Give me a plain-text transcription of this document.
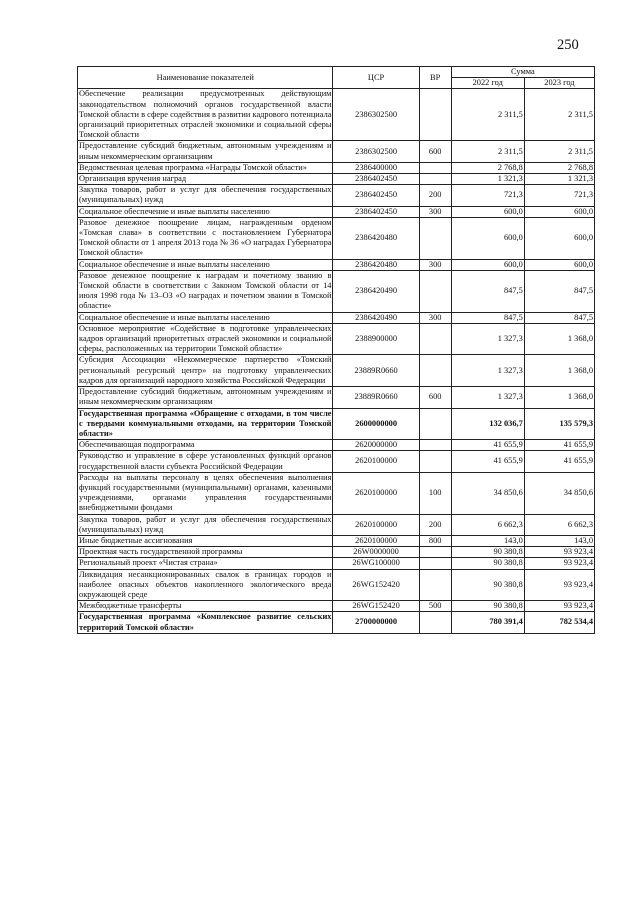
250
Наименование показателей	ЦСР	ВР	Сумма	
			2022 год	2023 год
Обеспечение реализации предусмотренных действующим законодательством полномочий органов государственной власти Томской области в сфере содействия в развитии кадрового потенциала организаций приоритетных отраслей экономики и социальной сферы Томской области	2386302500		2 311,5	2 311,5
Предоставление субсидий бюджетным, автономным учреждениям и иным некоммерческим организациям	2386302500	600	2 311,5	2 311,5
Ведомственная целевая программа «Награды Томской области»	2386400000		2 768,8	2 768,8
Организация вручения наград	2386402450		1 321,3	1 321,3
Закупка товаров, работ и услуг для обеспечения государственных (муниципальных) нужд	2386402450	200	721,3	721,3
Социальное обеспечение и иные выплаты населению	2386402450	300	600,0	600,0
Разовое денежное поощрение лицам, награжденным орденом «Томская слава» в соответствии с постановлением Губернатора Томской области от 1 апреля 2013 года № 36 «О наградах Губернатора Томской области»	2386420480		600,0	600,0
Социальное обеспечение и иные выплаты населению	2386420480	300	600,0	600,0
Разовое денежное поощрение к наградам и почетному званию в Томской области в соответствии с Законом Томской области от 14 июля 1998 года № 13–ОЗ «О наградах и почетном звании в Томской области»	2386420490		847,5	847,5
Социальное обеспечение и иные выплаты населению	2386420490	300	847,5	847,5
Основное мероприятие «Содействие в подготовке управленческих кадров организаций приоритетных отраслей экономики и социальной сферы, расположенных на территории Томской области»	2388900000		1 327,3	1 368,0
Субсидия Ассоциации «Некоммерческое партнерство «Томский региональный ресурсный центр» на подготовку управленческих кадров для организаций народного хозяйства Российской Федерации	23889R0660		1 327,3	1 368,0
Предоставление субсидий бюджетным, автономным учреждениям и иным некоммерческим организациям	23889R0660	600	1 327,3	1 368,0
Государственная программа «Обращение с отходами, в том числе с твердыми коммунальными отходами, на территории Томской области»	2600000000		132 036,7	135 579,3
Обеспечивающая подпрограмма	2620000000		41 655,9	41 655,9
Руководство и управление в сфере установленных функций органов государственной власти субъекта Российской Федерации	2620100000		41 655,9	41 655,9
Расходы на выплаты персоналу в целях обеспечения выполнения функций государственными (муниципальными) органами, казенными учреждениями, органами управления государственными внебюджетными фондами	2620100000	100	34 850,6	34 850,6
Закупка товаров, работ и услуг для обеспечения государственных (муниципальных) нужд	2620100000	200	6 662,3	6 662,3
Иные бюджетные ассигнования	2620100000	800	143,0	143,0
Проектная часть государственной программы	26W0000000		90 380,8	93 923,4
Региональный проект «Чистая страна»	26WG100000		90 380,8	93 923,4
Ликвидация несанкционированных свалок в границах городов и наиболее опасных объектов накопленного экологического вреда окружающей среде	26WG152420		90 380,8	93 923,4
Межбюджетные трансферты	26WG152420	500	90 380,8	93 923,4
Государственная программа «Комплексное развитие сельских территорий Томской области»	2700000000		780 391,4	782 534,4
